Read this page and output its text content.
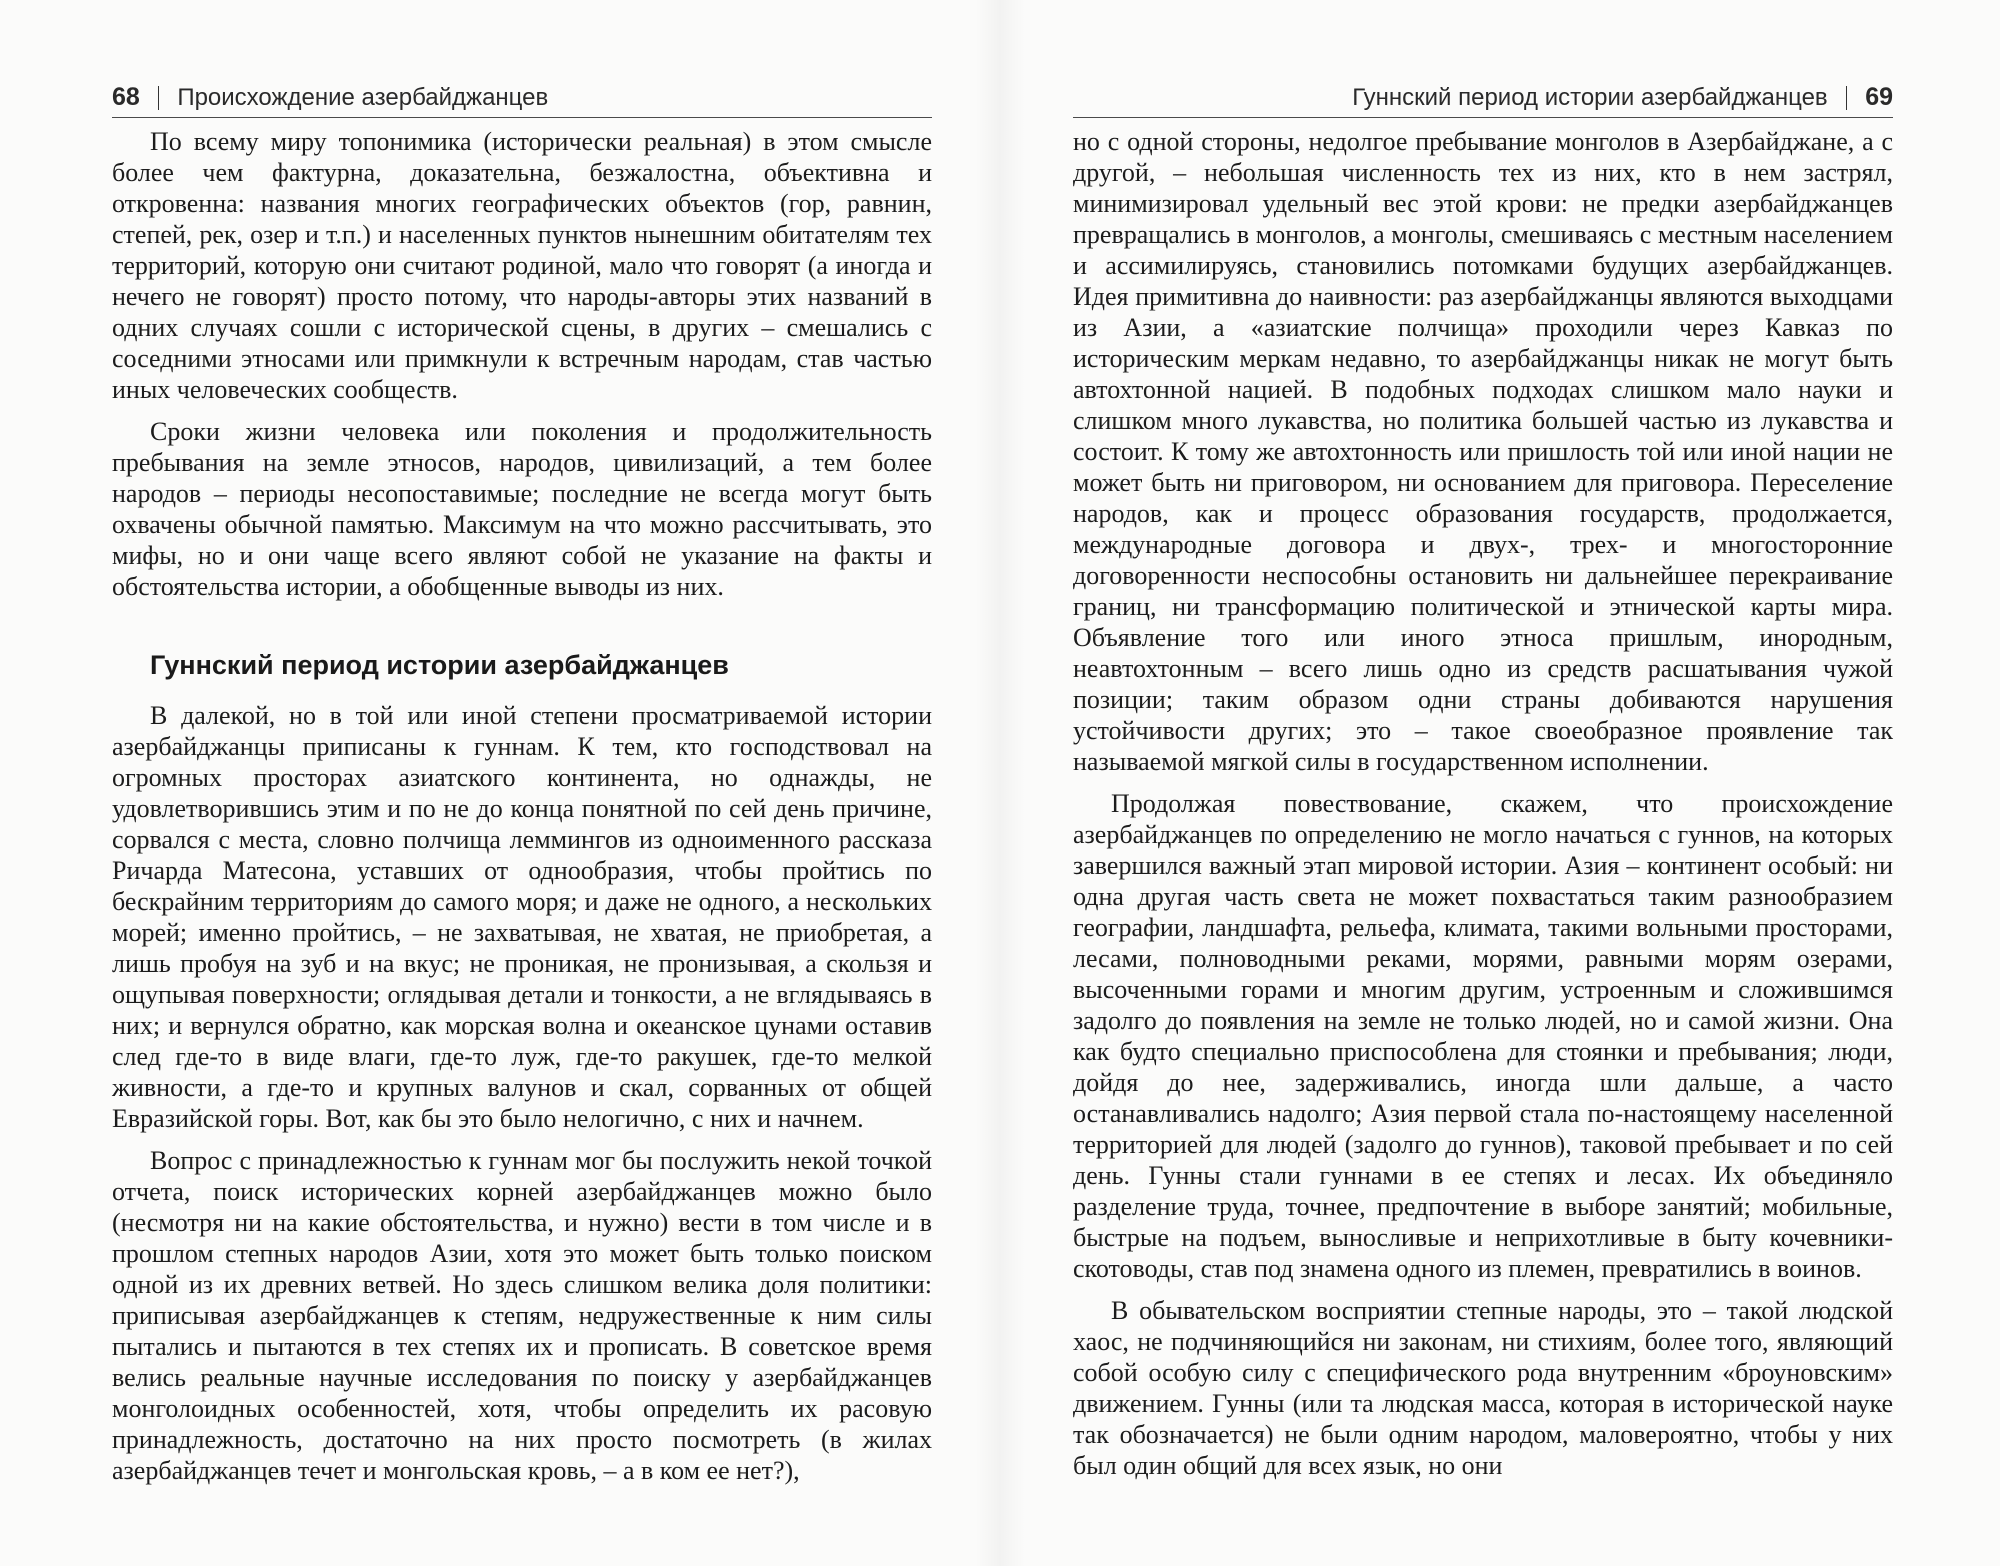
68 Происхождение азербайджанцев

По всему миру топонимика (исторически реальная) в этом смысле более чем фактурна, доказательна, безжалостна, объективна и откровенна: названия многих географических объектов (гор, равнин, степей, рек, озер и т.п.) и населенных пунктов нынешним обитателям тех территорий, которую они считают родиной, мало что говорят (а иногда и нечего не говорят) просто потому, что народы-авторы этих названий в одних случаях сошли с исторической сцены, в других – смешались с соседними этносами или примкнули к встречным народам, став частью иных человеческих сообществ.

Сроки жизни человека или поколения и продолжительность пребывания на земле этносов, народов, цивилизаций, а тем более народов – периоды несопоставимые; последние не всегда могут быть охвачены обычной памятью. Максимум на что можно рассчитывать, это мифы, но и они чаще всего являют собой не указание на факты и обстоятельства истории, а обобщенные выводы из них.

Гуннский период истории азербайджанцев

В далекой, но в той или иной степени просматриваемой истории азербайджанцы приписаны к гуннам. К тем, кто господствовал на огромных просторах азиатского континента, но однажды, не удовлетворившись этим и по не до конца понятной по сей день причине, сорвался с места, словно полчища леммингов из одноименного рассказа Ричарда Матесона, уставших от однообразия, чтобы пройтись по бескрайним территориям до самого моря; и даже не одного, а нескольких морей; именно пройтись, – не захватывая, не хватая, не приобретая, а лишь пробуя на зуб и на вкус; не проникая, не пронизывая, а скользя и ощупывая поверхности; оглядывая детали и тонкости, а не вглядываясь в них; и вернулся обратно, как морская волна и океанское цунами оставив след где-то в виде влаги, где-то луж, где-то ракушек, где-то мелкой живности, а где-то и крупных валунов и скал, сорванных от общей Евразийской горы. Вот, как бы это было нелогично, с них и начнем.

Вопрос с принадлежностью к гуннам мог бы послужить некой точкой отчета, поиск исторических корней азербайджанцев можно было (несмотря ни на какие обстоятельства, и нужно) вести в том числе и в прошлом степных народов Азии, хотя это может быть только поиском одной из их древних ветвей. Но здесь слишком велика доля политики: приписывая азербайджанцев к степям, недружественные к ним силы пытались и пытаются в тех степях их и прописать. В советское время велись реальные научные исследования по поиску у азербайджанцев монголоидных особенностей, хотя, чтобы определить их расовую принадлежность, достаточно на них просто посмотреть (в жилах азербайджанцев течет и монгольская кровь, – а в ком ее нет?),

Гуннский период истории азербайджанцев 69

но с одной стороны, недолгое пребывание монголов в Азербайджане, а с другой, – небольшая численность тех из них, кто в нем застрял, минимизировал удельный вес этой крови: не предки азербайджанцев превращались в монголов, а монголы, смешиваясь с местным населением и ассимилируясь, становились потомками будущих азербайджанцев. Идея примитивна до наивности: раз азербайджанцы являются выходцами из Азии, а «азиатские полчища» проходили через Кавказ по историческим меркам недавно, то азербайджанцы никак не могут быть автохтонной нацией. В подобных подходах слишком мало науки и слишком много лукавства, но политика большей частью из лукавства и состоит. К тому же автохтонность или пришлость той или иной нации не может быть ни приговором, ни основанием для приговора. Переселение народов, как и процесс образования государств, продолжается, международные договора и двух-, трех- и многосторонние договоренности неспособны остановить ни дальнейшее перекраивание границ, ни трансформацию политической и этнической карты мира. Объявление того или иного этноса пришлым, инородным, неавтохтонным – всего лишь одно из средств расшатывания чужой позиции; таким образом одни страны добиваются нарушения устойчивости других; это – такое своеобразное проявление так называемой мягкой силы в государственном исполнении.

Продолжая повествование, скажем, что происхождение азербайджанцев по определению не могло начаться с гуннов, на которых завершился важный этап мировой истории. Азия – континент особый: ни одна другая часть света не может похвастаться таким разнообразием географии, ландшафта, рельефа, климата, такими вольными просторами, лесами, полноводными реками, морями, равными морям озерами, высоченными горами и многим другим, устроенным и сложившимся задолго до появления на земле не только людей, но и самой жизни. Она как будто специально приспособлена для стоянки и пребывания; люди, дойдя до нее, задерживались, иногда шли дальше, а часто останавливались надолго; Азия первой стала по-настоящему населенной территорией для людей (задолго до гуннов), таковой пребывает и по сей день. Гунны стали гуннами в ее степях и лесах. Их объединяло разделение труда, точнее, предпочтение в выборе занятий; мобильные, быстрые на подъем, выносливые и неприхотливые в быту кочевники-скотоводы, став под знамена одного из племен, превратились в воинов.

В обывательском восприятии степные народы, это – такой людской хаос, не подчиняющийся ни законам, ни стихиям, более того, являющий собой особую силу с специфического рода внутренним «броуновским» движением. Гунны (или та людская масса, которая в исторической науке так обозначается) не были одним народом, маловероятно, чтобы у них был один общий для всех язык, но они
